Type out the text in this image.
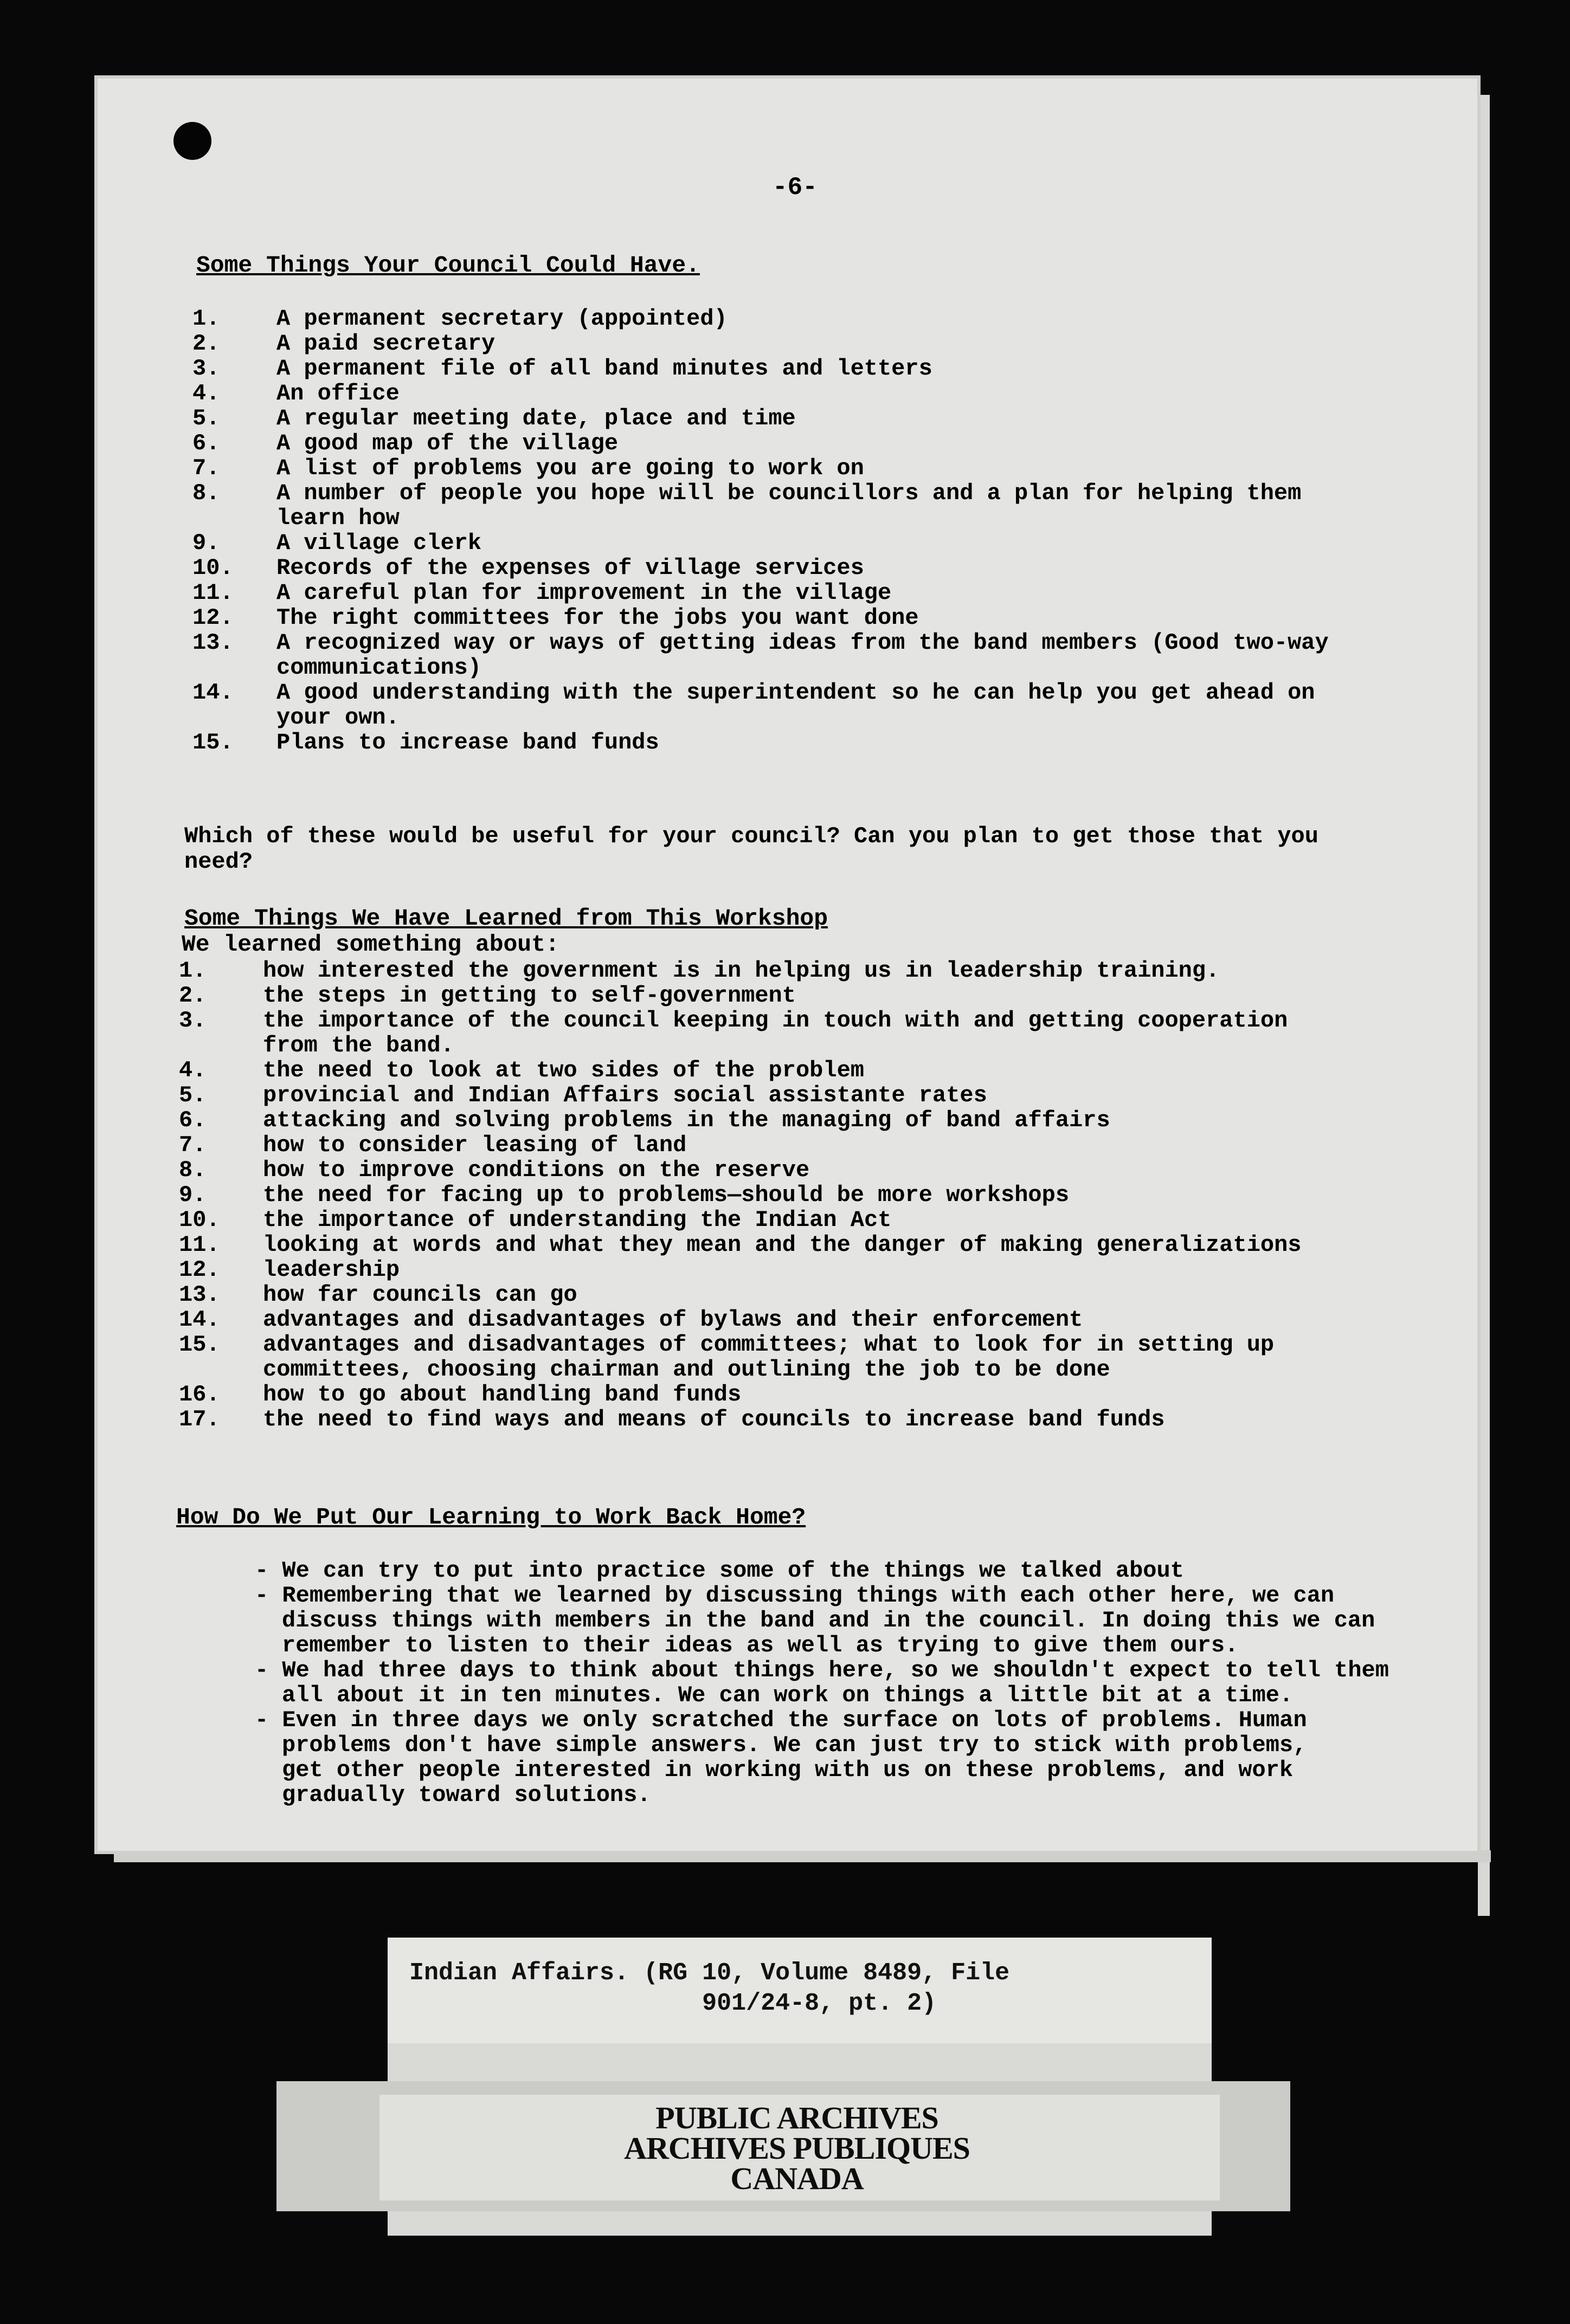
-6-
Some Things Your Council Could Have.
1. A permanent secretary (appointed)
2. A paid secretary
3. A permanent file of all band minutes and letters
4. An office
5. A regular meeting date, place and time
6. A good map of the village
7. A list of problems you are going to work on
8. A number of people you hope will be councillors and a plan for helping them
learn how
9. A village clerk
10. Records of the expenses of village services
11. A careful plan for improvement in the village
12. The right committees for the jobs you want done
13. A recognized way or ways of getting ideas from the band members (Good two-way
communications)
14. A good understanding with the superintendent so he can help you get ahead on
your own.
15. Plans to increase band funds
Which of these would be useful for your council? Can you plan to get those that you
need?
Some Things We Have Learned from This Workshop
We learned something about:
1. how interested the government is in helping us in leadership training.
2. the steps in getting to self-government
3. the importance of the council keeping in touch with and getting cooperation
from the band.
4. the need to look at two sides of the problem
5. provincial and Indian Affairs social assistante rates
6. attacking and solving problems in the managing of band affairs
7. how to consider leasing of land
8. how to improve conditions on the reserve
9. the need for facing up to problems—should be more workshops
10. the importance of understanding the Indian Act
11. looking at words and what they mean and the danger of making generalizations
12. leadership
13. how far councils can go
14. advantages and disadvantages of bylaws and their enforcement
15. advantages and disadvantages of committees; what to look for in setting up
committees, choosing chairman and outlining the job to be done
16. how to go about handling band funds
17. the need to find ways and means of councils to increase band funds
How Do We Put Our Learning to Work Back Home?
- We can try to put into practice some of the things we talked about
- Remembering that we learned by discussing things with each other here, we can
discuss things with members in the band and in the council. In doing this we can
remember to listen to their ideas as well as trying to give them ours.
- We had three days to think about things here, so we shouldn't expect to tell them
all about it in ten minutes. We can work on things a little bit at a time.
- Even in three days we only scratched the surface on lots of problems. Human
problems don't have simple answers. We can just try to stick with problems,
get other people interested in working with us on these problems, and work
gradually toward solutions.
Indian Affairs. (RG 10, Volume 8489, File
901/24-8, pt. 2)
PUBLIC ARCHIVES
ARCHIVES PUBLIQUES
CANADA
